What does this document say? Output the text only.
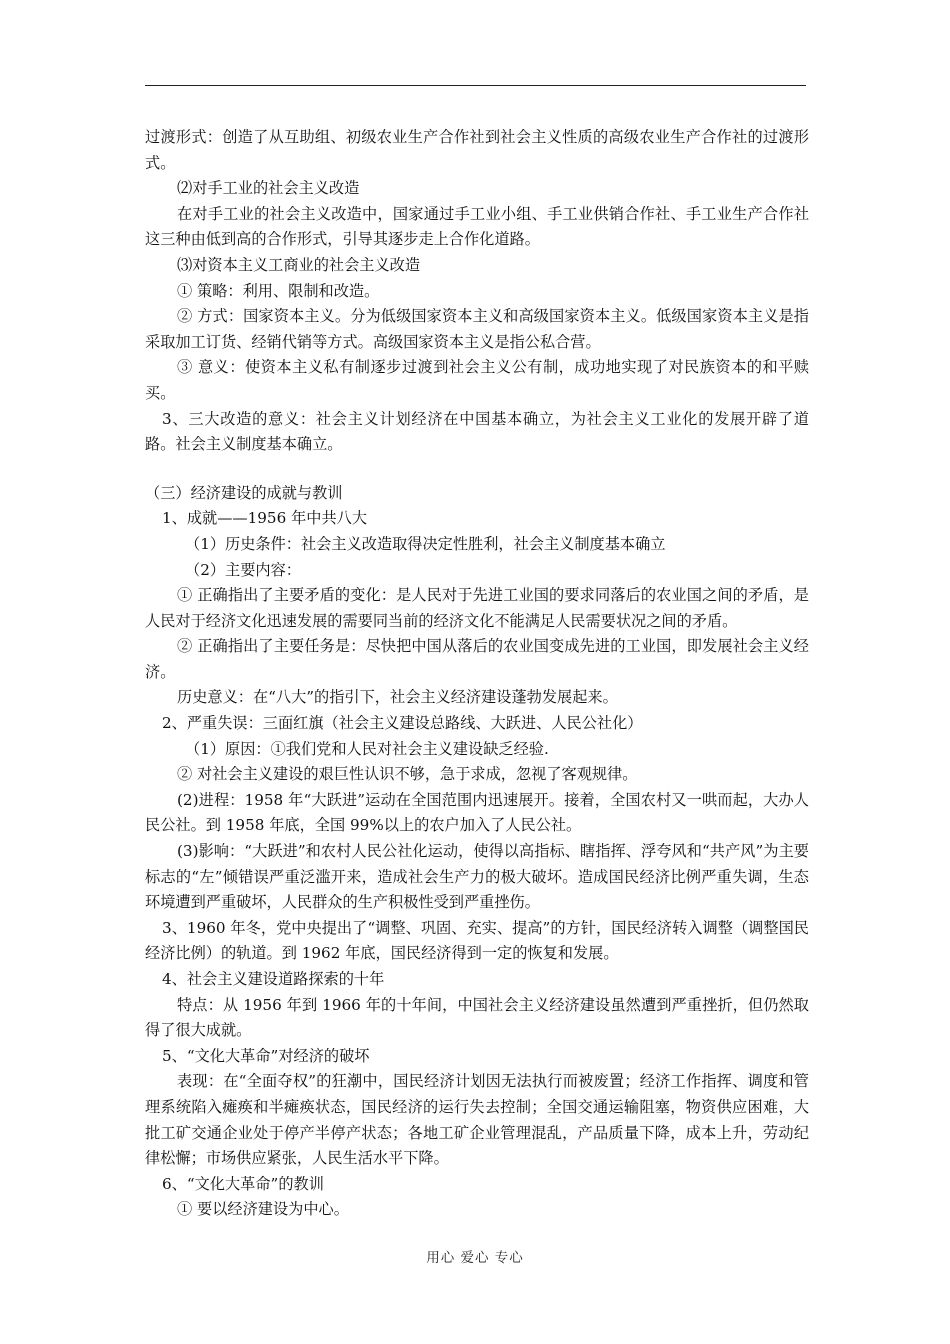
过渡形式：创造了从互助组、初级农业生产合作社到社会主义性质的高级农业生产合作社的过渡形式。

⑵对手工业的社会主义改造

在对手工业的社会主义改造中，国家通过手工业小组、手工业供销合作社、手工业生产合作社这三种由低到高的合作形式，引导其逐步走上合作化道路。

⑶对资本主义工商业的社会主义改造

① 策略：利用、限制和改造。

② 方式：国家资本主义。分为低级国家资本主义和高级国家资本主义。低级国家资本主义是指采取加工订货、经销代销等方式。高级国家资本主义是指公私合营。

③ 意义：使资本主义私有制逐步过渡到社会主义公有制，成功地实现了对民族资本的和平赎买。

3、三大改造的意义：社会主义计划经济在中国基本确立，为社会主义工业化的发展开辟了道路。社会主义制度基本确立。

（三）经济建设的成就与教训

1、成就——1956 年中共八大

（1）历史条件：社会主义改造取得决定性胜利，社会主义制度基本确立

（2）主要内容：

① 正确指出了主要矛盾的变化：是人民对于先进工业国的要求同落后的农业国之间的矛盾，是人民对于经济文化迅速发展的需要同当前的经济文化不能满足人民需要状况之间的矛盾。

② 正确指出了主要任务是：尽快把中国从落后的农业国变成先进的工业国，即发展社会主义经济。

历史意义：在“八大”的指引下，社会主义经济建设蓬勃发展起来。

2、严重失误：三面红旗（社会主义建设总路线、大跃进、人民公社化）

（1）原因：①我们党和人民对社会主义建设缺乏经验.

② 对社会主义建设的艰巨性认识不够，急于求成，忽视了客观规律。

(2)进程：1958 年“大跃进”运动在全国范围内迅速展开。接着，全国农村又一哄而起，大办人民公社。到 1958 年底，全国 99%以上的农户加入了人民公社。

(3)影响：“大跃进”和农村人民公社化运动，使得以高指标、瞎指挥、浮夸风和“共产风”为主要标志的“左”倾错误严重泛滥开来，造成社会生产力的极大破坏。造成国民经济比例严重失调，生态环境遭到严重破坏，人民群众的生产积极性受到严重挫伤。

3、1960 年冬，党中央提出了“调整、巩固、充实、提高”的方针，国民经济转入调整（调整国民经济比例）的轨道。到 1962 年底，国民经济得到一定的恢复和发展。

4、社会主义建设道路探索的十年

特点：从 1956 年到 1966 年的十年间，中国社会主义经济建设虽然遭到严重挫折，但仍然取得了很大成就。

5、“文化大革命”对经济的破坏

表现：在“全面夺权”的狂潮中，国民经济计划因无法执行而被废置；经济工作指挥、调度和管理系统陷入瘫痪和半瘫痪状态，国民经济的运行失去控制；全国交通运输阻塞，物资供应困难，大批工矿交通企业处于停产半停产状态；各地工矿企业管理混乱，产品质量下降，成本上升，劳动纪律松懈；市场供应紧张，人民生活水平下降。

6、“文化大革命”的教训

① 要以经济建设为中心。

用心 爱心 专心
